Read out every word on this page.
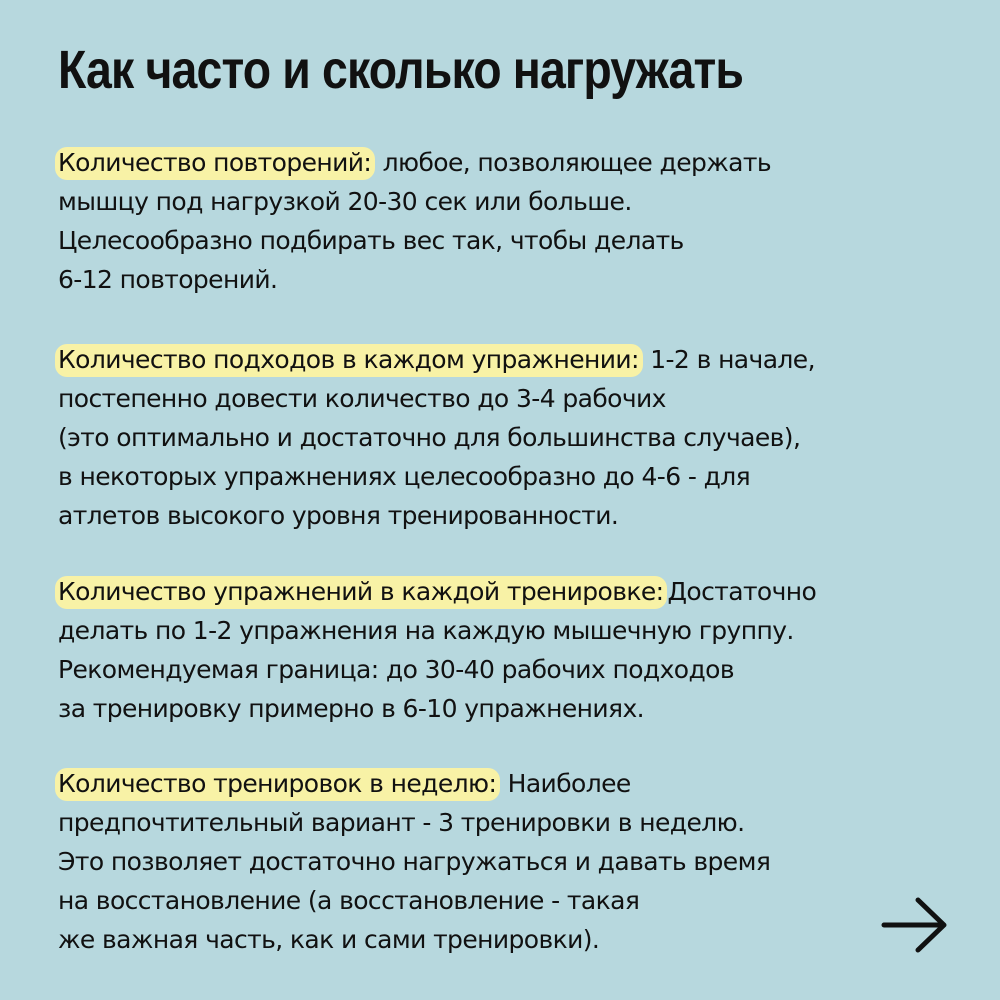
Как часто и сколько нагружать
Количество повторений: любое, позволяющее держать
мышцу под нагрузкой 20-30 сек или больше.
Целесообразно подбирать вес так, чтобы делать
6-12 повторений.
Количество подходов в каждом упражнении: 1-2 в начале,
постепенно довести количество до 3-4 рабочих
(это оптимально и достаточно для большинства случаев),
в некоторых упражнениях целесообразно до 4-6 - для
атлетов высокого уровня тренированности.
Количество упражнений в каждой тренировке: Достаточно
делать по 1-2 упражнения на каждую мышечную группу.
Рекомендуемая граница: до 30-40 рабочих подходов
за тренировку примерно в 6-10 упражнениях.
Количество тренировок в неделю: Наиболее
предпочтительный вариант - 3 тренировки в неделю.
Это позволяет достаточно нагружаться и давать время
на восстановление (а восстановление - такая
же важная часть, как и сами тренировки).
